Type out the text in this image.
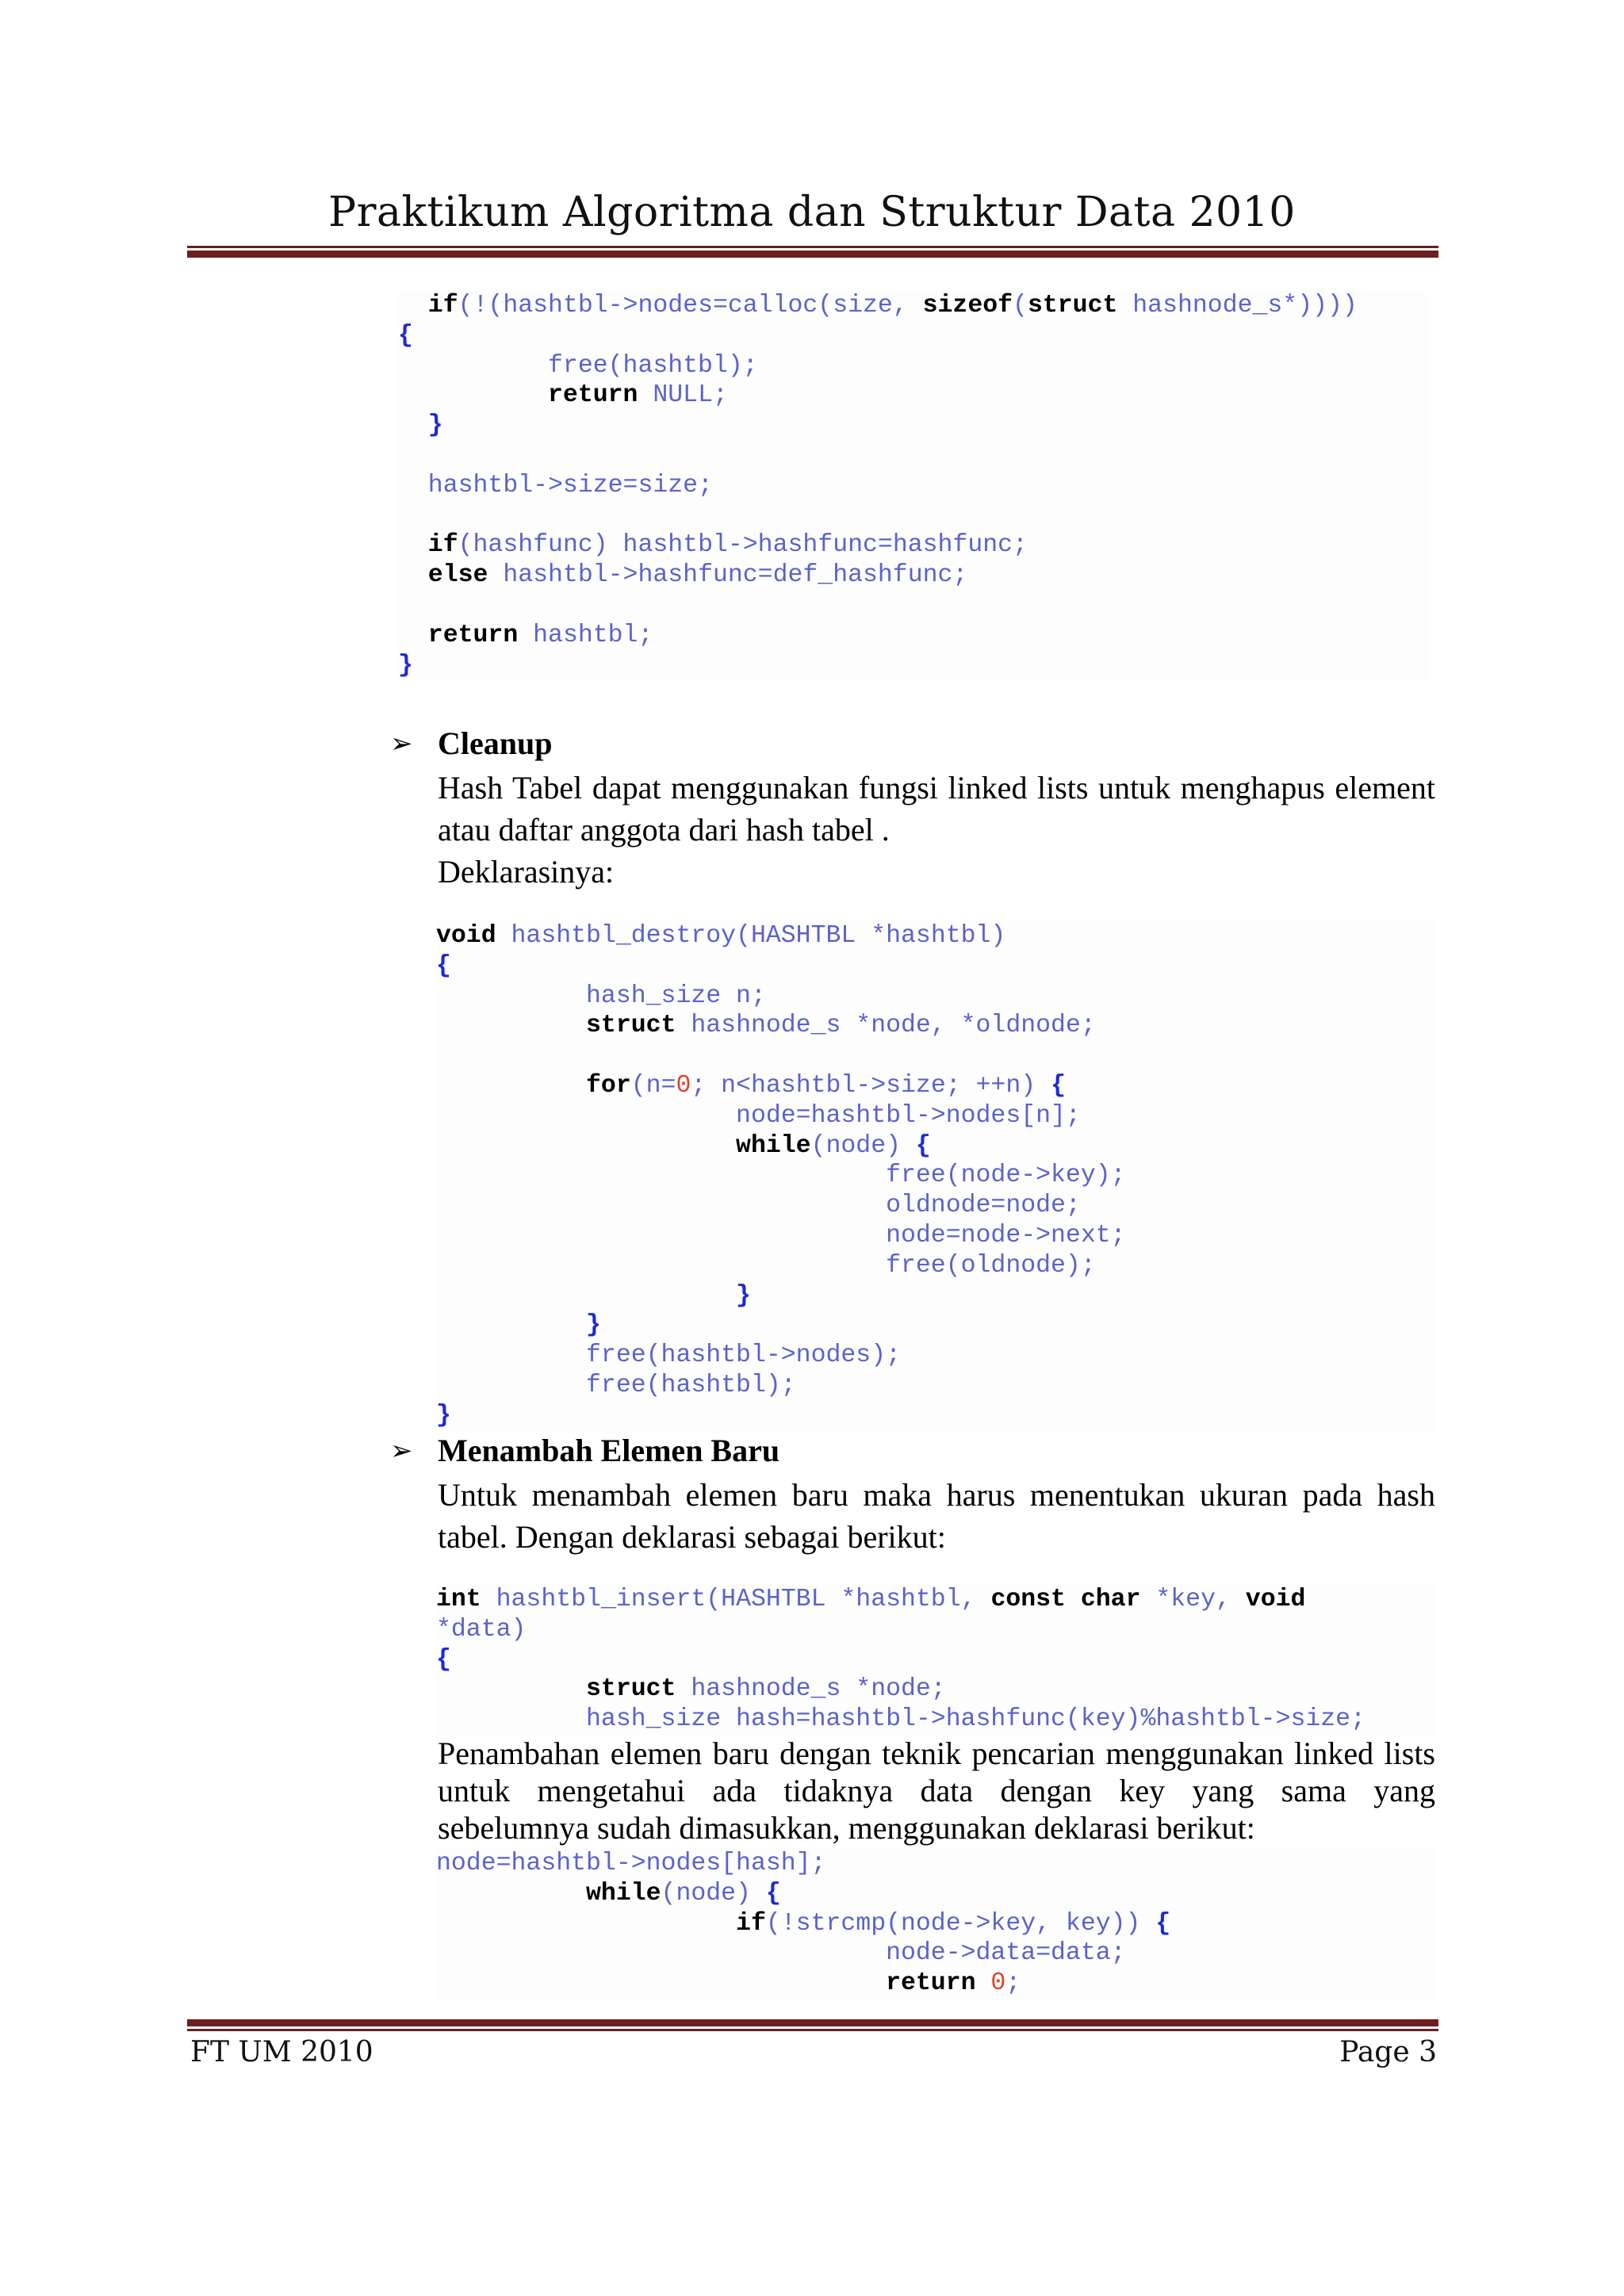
Praktikum Algoritma dan Struktur Data 2010
if(!(hashtbl->nodes=calloc(size, sizeof(struct hashnode_s*))))
{
free(hashtbl);
return NULL;
}

hashtbl->size=size;

if(hashfunc) hashtbl->hashfunc=hashfunc;
else hashtbl->hashfunc=def_hashfunc;

return hashtbl;
}
➢ Cleanup
Hash Tabel dapat menggunakan fungsi linked lists untuk menghapus element
atau daftar anggota dari hash tabel .
Deklarasinya:
void hashtbl_destroy(HASHTBL *hashtbl)
{
hash_size n;
struct hashnode_s *node, *oldnode;

for(n=0; n<hashtbl->size; ++n) {
node=hashtbl->nodes[n];
while(node) {
free(node->key);
oldnode=node;
node=node->next;
free(oldnode);
}
}
free(hashtbl->nodes);
free(hashtbl);
}
➢ Menambah Elemen Baru
Untuk menambah elemen baru maka harus menentukan ukuran pada hash
tabel. Dengan deklarasi sebagai berikut:
int hashtbl_insert(HASHTBL *hashtbl, const char *key, void
*data)
{
struct hashnode_s *node;
hash_size hash=hashtbl->hashfunc(key)%hashtbl->size;
Penambahan elemen baru dengan teknik pencarian menggunakan linked lists
untuk mengetahui ada tidaknya data dengan key yang sama yang
sebelumnya sudah dimasukkan, menggunakan deklarasi berikut:
node=hashtbl->nodes[hash];
while(node) {
if(!strcmp(node->key, key)) {
node->data=data;
return 0;
FT UM 2010	Page 3
